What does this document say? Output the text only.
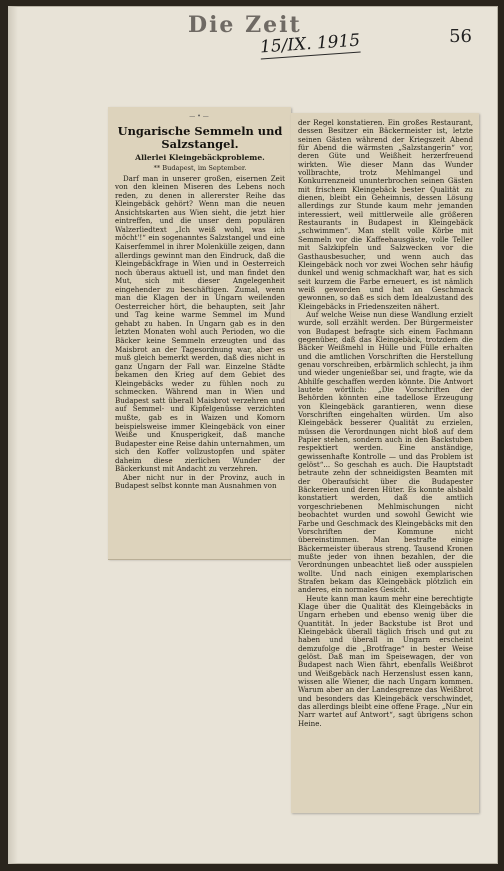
Die Zeit
15/IX. 1915	56
—•—
Ungarische Semmeln und Salzstangel.
Allerlei Kleingebäckprobleme.
** Budapest, im September.

Darf man in unserer großen, eisernen Zeit von den kleinen Miseren des Lebens noch reden, zu denen in allererster Reihe das Kleingebäck gehört? Wenn man die neuen Ansichtskarten aus Wien sieht, die jetzt hier eintreffen, und die unser dem populären Walzerliedtext „Ich weiß wohl, was ich möcht'!“ ein sogenanntes Salzstangel und eine Kaiserfemmel in ihrer Molenkülle zeigen, dann allerdings gewinnt man den Eindruck, daß die Kleingebäckfrage in Wien und in Oesterreich noch überaus aktuell ist, und man findet den Mut, sich mit dieser Angelegenheit eingehender zu beschäftigen. Zumal, wenn man die Klagen der in Ungarn weilenden Oesterreicher hört, die behaupten, seit Jahr und Tag keine warme Semmel im Mund gehabt zu haben. In Ungarn gab es in den letzten Monaten wohl auch Perioden, wo die Bäcker keine Semmeln erzeugten und das Maisbrot an der Tagesordnung war, aber es muß gleich bemerkt werden, daß dies nicht in ganz Ungarn der Fall war. Einzelne Städte bekamen den Krieg auf dem Gebiet des Kleingebäcks weder zu fühlen noch zu schmecken. Während man in Wien und Budapest satt überall Maisbrot verzehren und auf Semmel- und Kipfelgenüsse verzichten mußte, gab es in Waizen und Komorn beispielsweise immer Kleingebäck von einer Weiße und Knusperigkeit, daß manche Budapester eine Reise dahin unternahmen, um sich den Koffer vollzustopfen und später daheim diese zierlichen Wunder der Bäckerkunst mit Andacht zu verzehren.

Aber nicht nur in der Provinz, auch in Budapest selbst konnte man Ausnahmen von

der Regel konstatieren. Ein großes Restaurant, dessen Besitzer ein Bäckermeister ist, letzte seinen Gästen während der Kriegszeit Abend für Abend die wärmsten „Salzstangerin“ vor, deren Güte und Weißheit herzerfreuend wirkten. Wie dieser Mann das Wunder vollbrachte, trotz Mehlmangel und Konkurrenzneid ununterbrochen seinen Gästen mit frischem Kleingebäck bester Qualität zu dienen, bleibt ein Geheimnis, dessen Lösung allerdings zur Stunde kaum mehr jemanden interessiert, weil mittlerweile alle größeren Restaurants in Budapest in Kleingebäck „schwimmen“. Man stellt volle Körbe mit Semmeln vor die Kaffeehausgäste, volle Teller mit Salzkipfeln und Salzwecken vor die Gasthausbesucher, und wenn auch das Kleingebäck noch vor zwei Wochen sehr häufig dunkel und wenig schmackhaft war, hat es sich seit kurzem die Farbe erneuert, es ist nämlich weiß geworden und hat an Geschmack gewonnen, so daß es sich dem Idealzustand des Kleingebäcks in Friedenszeiten nähert.

Auf welche Weise nun diese Wandlung erzielt wurde, soll erzählt werden. Der Bürgermeister von Budapest befragte sich einem Fachmann gegenüber, daß das Kleingebäck, trotzdem die Bäcker Weißmehl in Hülle und Fülle erhalten und die amtlichen Vorschriften die Herstellung genau vorschreiben, erbärmlich schlecht, ja ihm und wieder ungenießbar sei, und fragte, wie da Abhilfe geschaffen werden könnte. Die Antwort lautete wörtlich: „Die Vorschriften der Behörden könnten eine tadellose Erzeugung von Kleingebäck garantieren, wenn diese Vorschriften eingehalten würden. Um also Kleingebäck besserer Qualität zu erzielen, müssen die Verordnungen nicht bloß auf dem Papier stehen, sondern auch in den Backstuben respektiert werden. Eine anständige, gewissenhafte Kontrolle — und das Problem ist gelöst“... So geschah es auch. Die Hauptstadt betraute zehn der schneidigsten Beamten mit der Oberaufsicht über die Budapester Bäckereien und deren Hüter. Es konnte alsbald konstatiert werden, daß die amtlich vorgeschriebenen Mehlmischungen nicht beobachtet wurden und sowohl Gewicht wie Farbe und Geschmack des Kleingebäcks mit den Vorschriften der Kommune nicht übereinstimmen. Man bestrafte einige Bäckermeister überaus streng. Tausend Kronen mußte jeder von ihnen bezahlen, der die Verordnungen unbeachtet ließ oder ausspielen wollte. Und nach einigen exemplarischen Strafen bekam das Kleingebäck plötzlich ein anderes, ein normales Gesicht.

Heute kann man kaum mehr eine berechtigte Klage über die Qualität des Kleingebäcks in Ungarn erheben und ebenso wenig über die Quantität. In jeder Backstube ist Brot und Kleingebäck überall täglich frisch und gut zu haben und überall in Ungarn erscheint demzufolge die „Brotfrage“ in bester Weise gelöst. Daß man im Speisewagen, der von Budapest nach Wien fährt, ebenfalls Weißbrot und Weißgebäck nach Herzenslust essen kann, wissen alle Wiener, die nach Ungarn kommen. Warum aber an der Landesgrenze das Weißbrot und besonders das Kleingebäck verschwindet, das allerdings bleibt eine offene Frage. „Nur ein Narr wartet auf Antwort“, sagt übrigens schon Heine.
